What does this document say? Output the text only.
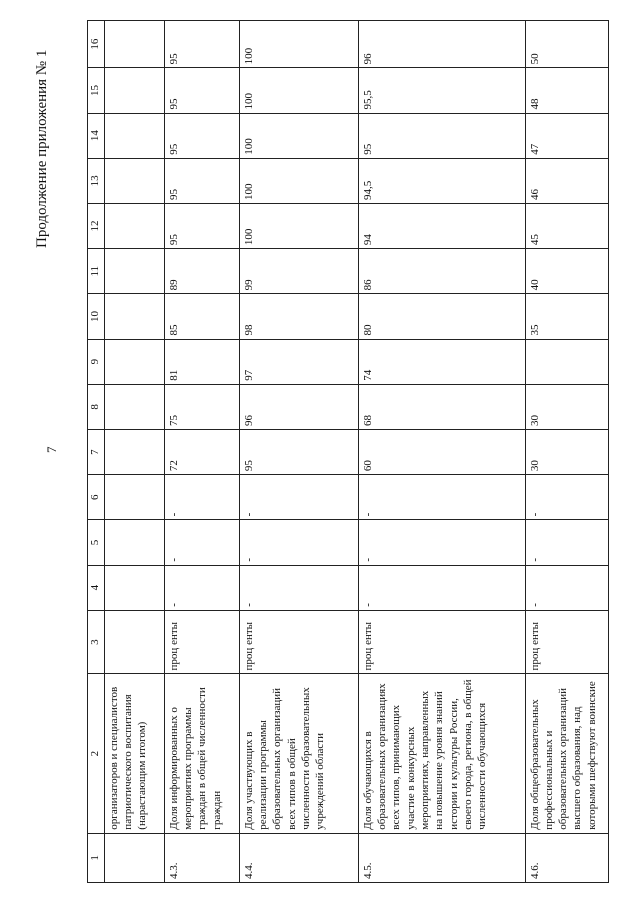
7
Продолжение приложения № 1
1	2	3	4	5	6	7	8	9	10	11	12	13	14	15	16
	организаторов и специалистов патриотического воспитания (нарастающим итогом)														
4.3.	Доля информированных о мероприятиях программы граждан в общей численности граждан	проц енты	-	-	-	72	75	81	85	89	95	95	95	95	95
4.4.	Доля участвующих в реализации программы образовательных организаций всех типов в общей численности образовательных учреждений области	проц енты	-	-	-	95	96	97	98	99	100	100	100	100	100
4.5.	Доля обучающихся в образовательных организациях всех типов, принимающих участие в конкурсных мероприятиях, направленных на повышение уровня знаний истории и культуры России, своего города, региона, в общей численности обучающихся	проц енты	-	-	-	60	68	74	80	86	94	94,5	95	95,5	96
4.6.	Доля общеобразовательных профессиональных и образовательных организаций высшего образования, над которыми шефствуют воинские	проц енты	-	-	-	30	30		35	40	45	46	47	48	50
